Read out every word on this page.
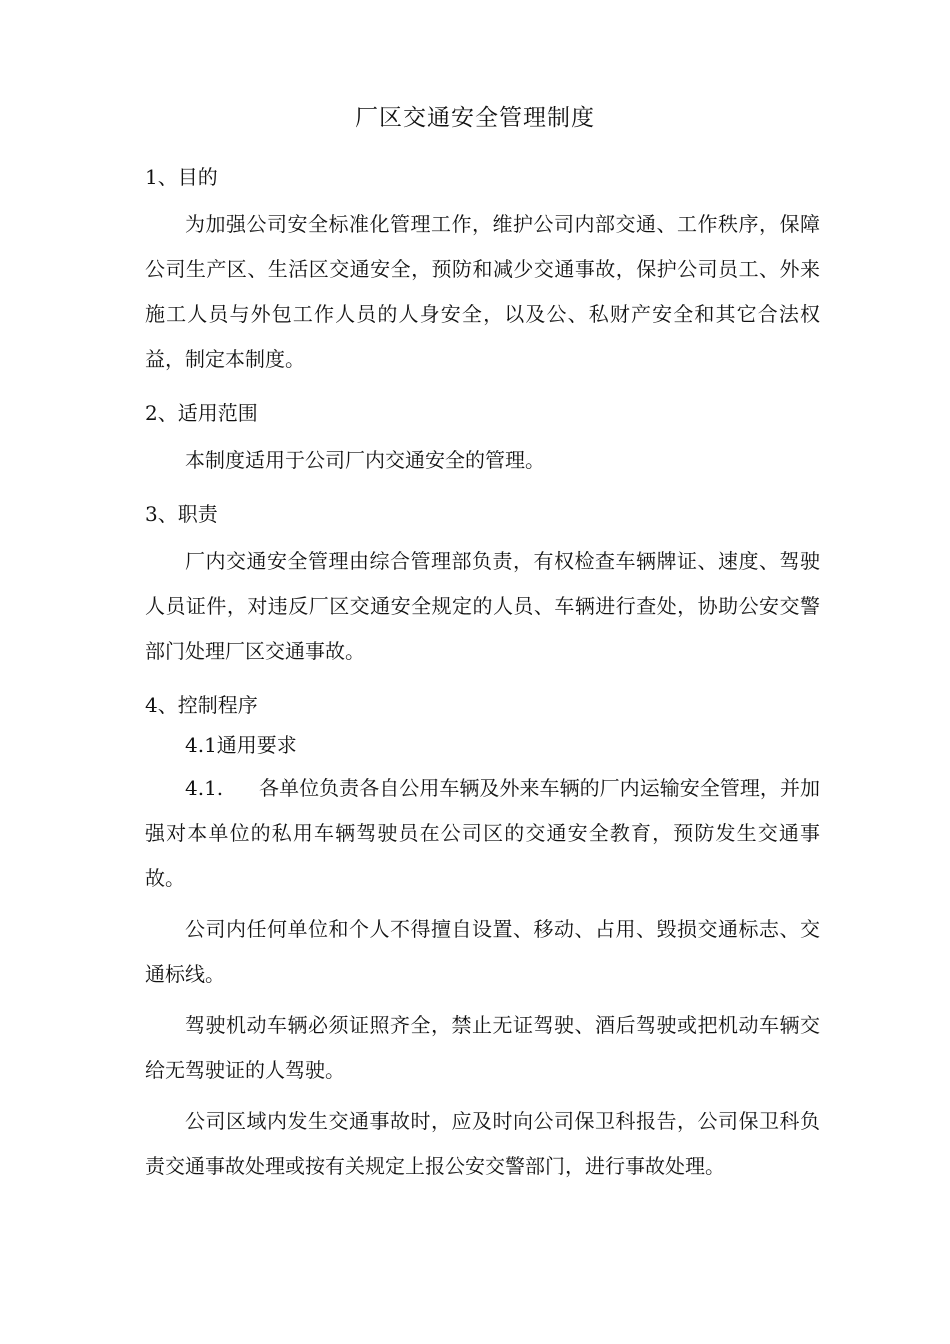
厂区交通安全管理制度

1、目的

为加强公司安全标准化管理工作，维护公司内部交通、工作秩序，保障公司生产区、生活区交通安全，预防和减少交通事故，保护公司员工、外来施工人员与外包工作人员的人身安全，以及公、私财产安全和其它合法权益，制定本制度。

2、适用范围

本制度适用于公司厂内交通安全的管理。

3、职责

厂内交通安全管理由综合管理部负责，有权检查车辆牌证、速度、驾驶人员证件，对违反厂区交通安全规定的人员、车辆进行查处，协助公安交警部门处理厂区交通事故。

4、控制程序

4.1通用要求

4.1. 各单位负责各自公用车辆及外来车辆的厂内运输安全管理，并加强对本单位的私用车辆驾驶员在公司区的交通安全教育，预防发生交通事故。

公司内任何单位和个人不得擅自设置、移动、占用、毁损交通标志、交通标线。

驾驶机动车辆必须证照齐全，禁止无证驾驶、酒后驾驶或把机动车辆交给无驾驶证的人驾驶。

公司区域内发生交通事故时，应及时向公司保卫科报告，公司保卫科负责交通事故处理或按有关规定上报公安交警部门，进行事故处理。
